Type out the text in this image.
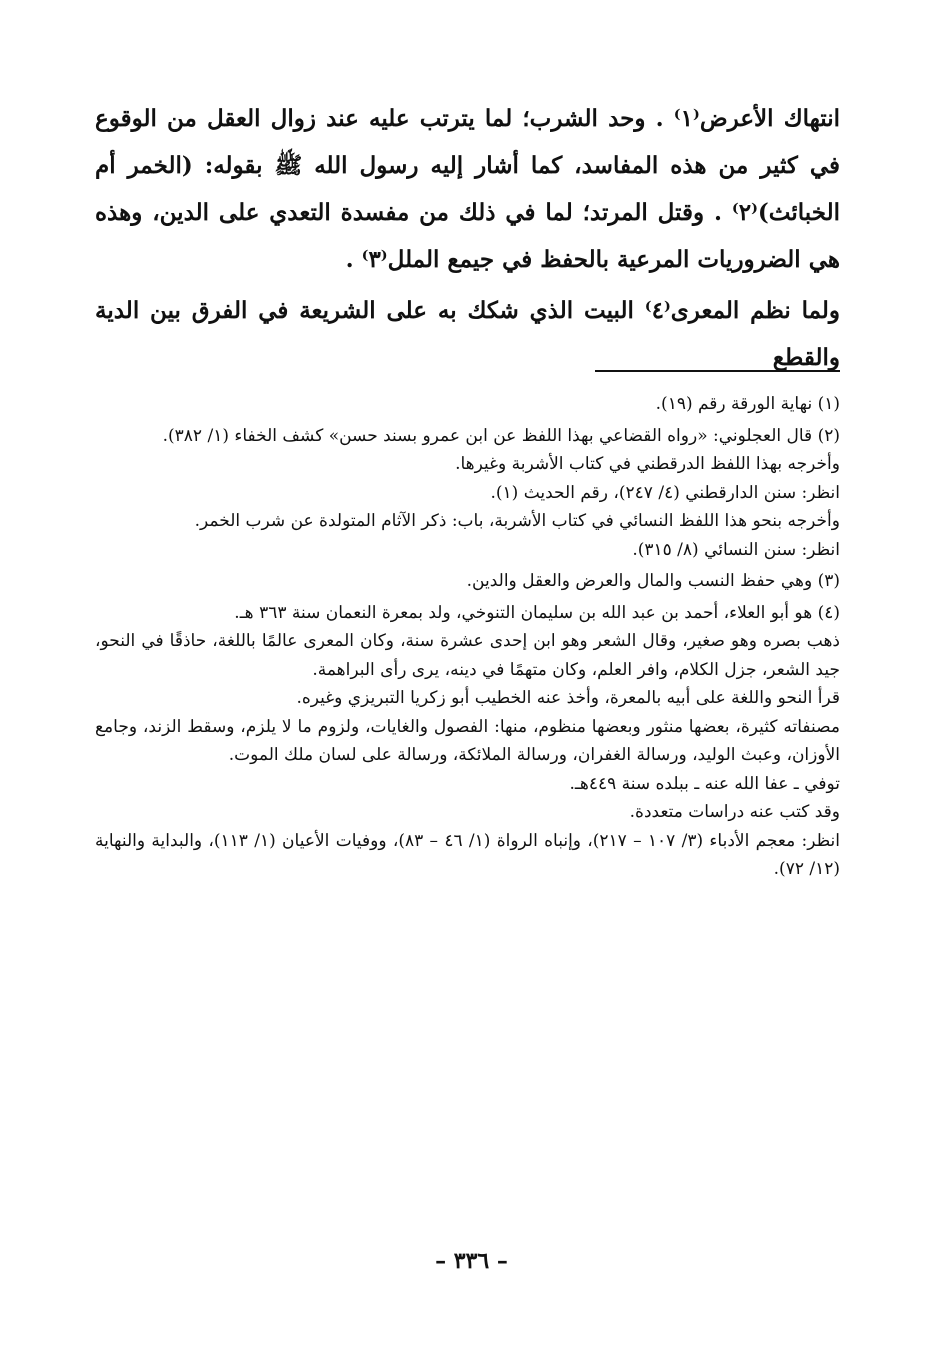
انتهاك الأعرض⁽١⁾ . وحد الشرب؛ لما يترتب عليه عند زوال العقل من الوقوع في كثير من هذه المفاسد، كما أشار إليه رسول الله ﷺ بقوله: (الخمر أم الخبائث)⁽٢⁾ . وقتل المرتد؛ لما في ذلك من مفسدة التعدي على الدين، وهذه هي الضروريات المرعية بالحفظ في جيمع الملل⁽٣⁾ .

ولما نظم المعرى⁽٤⁾ البيت الذي شكك به على الشريعة في الفرق بين الدية والقطع

(١) نهاية الورقة رقم (١٩).

(٢) قال العجلوني: «رواه القضاعي بهذا اللفظ عن ابن عمرو بسند حسن» كشف الخفاء (١/ ٣٨٢).

وأخرجه بهذا اللفظ الدرقطني في كتاب الأشربة وغيرها.

انظر: سنن الدارقطني (٤/ ٢٤٧)، رقم الحديث (١).

وأخرجه بنحو هذا اللفظ النسائي في كتاب الأشربة، باب: ذكر الآثام المتولدة عن شرب الخمر.

انظر: سنن النسائي (٨/ ٣١٥).

(٣) وهي حفظ النسب والمال والعرض والعقل والدين.

(٤) هو أبو العلاء، أحمد بن عبد الله بن سليمان التنوخي، ولد بمعرة النعمان سنة ٣٦٣ هـ.

ذهب بصره وهو صغير، وقال الشعر وهو ابن إحدى عشرة سنة، وكان المعرى عالمًا باللغة، حاذقًا في النحو، جيد الشعر، جزل الكلام، وافر العلم، وكان متهمًا في دينه، يرى رأى البراهمة.

قرأ النحو واللغة على أبيه بالمعرة، وأخذ عنه الخطيب أبو زكريا التبريزي وغيره.

مصنفاته كثيرة، بعضها منثور وبعضها منظوم، منها: الفصول والغايات، ولزوم ما لا يلزم، وسقط الزند، وجامع الأوزان، وعبث الوليد، ورسالة الغفران، ورسالة الملائكة، ورسالة على لسان ملك الموت.

توفي ـ عفا الله عنه ـ ببلده سنة ٤٤٩هـ.

وقد كتب عنه دراسات متعددة.

انظر: معجم الأدباء (٣/ ١٠٧ – ٢١٧)، وإنباه الرواة (١/ ٤٦ – ٨٣)، ووفيات الأعيان (١/ ١١٣)، والبداية والنهاية (١٢/ ٧٢).

– ٣٣٦ –
